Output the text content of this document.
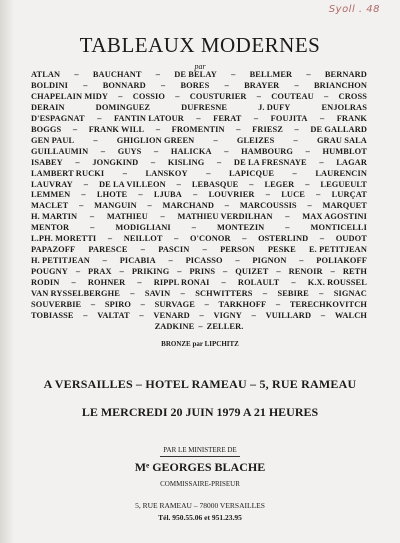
Syoll . 48
TABLEAUX MODERNES
par
ATLAN – BAUCHANT – DE BELAY – BELLMER – BERNARD
BOLDINI – BONNARD – BORES – BRAYER – BRIANCHON
CHAPELAIN MIDY – COSSIO – COUSTURIER – COUTEAU – CROSS
DERAIN	DOMINGUEZ	DUFRESNE	J. DUFY	ENJOLRAS
D'ESPAGNAT – FANTIN LATOUR – FERAT – FOUJITA – FRANK
BOGGS – FRANK WILL – FROMENTIN – FRIESZ – DE GALLARD
GEN PAUL – GHIGLION GREEN – GLEIZES – GRAU SALA
GUILLAUMIN – GUYS – HALICKA – HAMBOURG – HUMBLOT
ISABEY – JONGKIND – KISLING – DE LA FRESNAYE – LAGAR
LAMBERT RUCKI – LANSKOY – LAPICQUE – LAURENCIN
LAUVRAY – DE LA VILLEON – LEBASQUE – LEGER – LEGUEULT
LEMMEN – LHOTE – LJUBA – LOUVRIER – LUCE – LURÇAT
MACLET – MANGUIN – MARCHAND – MARCOUSSIS – MARQUET
H. MARTIN – MATHIEU – MATHIEU VERDILHAN – MAX AGOSTINI
MENTOR – MODIGLIANI – MONTEZIN – MONTICELLI
L.PH. MORETTI – NEILLOT – O'CONOR – OSTERLIND – OUDOT
PAPAZOFF PARESCE – PASCIN – PERSON PESKE E. PETITJEAN
H. PETITJEAN – PICABIA – PICASSO – PIGNON – POLIAKOFF
POUGNY – PRAX – PRIKING – PRINS – QUIZET – RENOIR – RETH
RODIN – ROHNER – RIPPL RONAI – ROLAULT – K.X. ROUSSEL
VAN RYSSELBERGHE – SAVIN – SCHWITTERS – SEBIRE – SIGNAC
SOUVERBIE – SPIRO – SURVAGE – TARKHOFF – TERECHKOVITCH
TOBIASSE – VALTAT – VENARD – VIGNY – VUILLARD – WALCH
ZADKINE – ZELLER.
BRONZE par LIPCHITZ
A VERSAILLES – HOTEL RAMEAU – 5, RUE RAMEAU
LE MERCREDI 20 JUIN 1979 A 21 HEURES
PAR LE MINISTERE DE
Mᵉ GEORGES BLACHE
COMMISSAIRE-PRISEUR
5, RUE RAMEAU – 78000 VERSAILLES
Tél. 950.55.06 et 951.23.95
